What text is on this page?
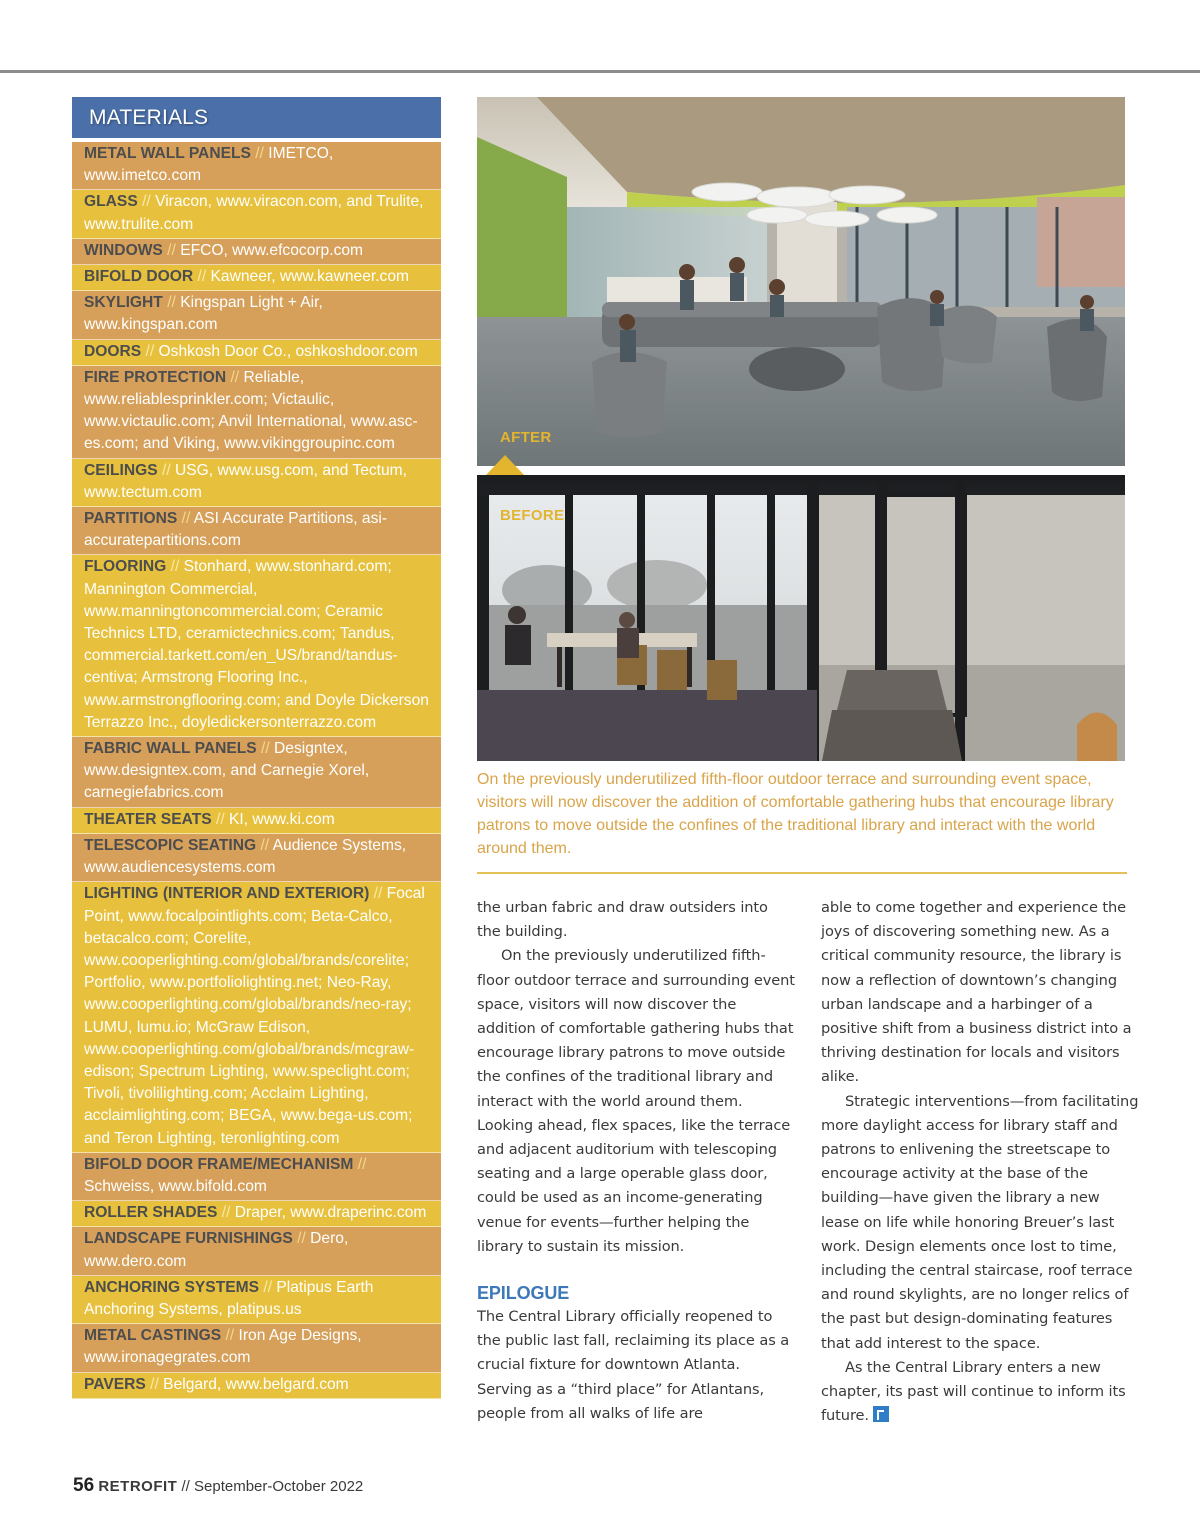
MATERIALS
METAL WALL PANELS // IMETCO, www.imetco.com
GLASS // Viracon, www.viracon.com, and Trulite, www.trulite.com
WINDOWS // EFCO, www.efcocorp.com
BIFOLD DOOR // Kawneer, www.kawneer.com
SKYLIGHT // Kingspan Light + Air, www.kingspan.com
DOORS // Oshkosh Door Co., oshkoshdoor.com
FIRE PROTECTION // Reliable, www.reliablesprinkler.com; Victaulic, www.victaulic.com; Anvil International, www.asc-es.com; and Viking, www.vikinggroupinc.com
CEILINGS // USG, www.usg.com, and Tectum, www.tectum.com
PARTITIONS // ASI Accurate Partitions, asi-accuratepartitions.com
FLOORING // Stonhard, www.stonhard.com; Mannington Commercial, www.manningtoncommercial.com; Ceramic Technics LTD, ceramictechnics.com; Tandus, commercial.tarkett.com/en_US/brand/tandus-centiva; Armstrong Flooring Inc., www.armstrongflooring.com; and Doyle Dickerson Terrazzo Inc., doyledickersonterrazzo.com
FABRIC WALL PANELS // Designtex, www.designtex.com, and Carnegie Xorel, carnegiefabrics.com
THEATER SEATS // KI, www.ki.com
TELESCOPIC SEATING // Audience Systems, www.audiencesystems.com
LIGHTING (INTERIOR AND EXTERIOR) // Focal Point, www.focalpointlights.com; Beta-Calco, betacalco.com; Corelite, www.cooperlighting.com/global/brands/corelite; Portfolio, www.portfoliolighting.net; Neo-Ray, www.cooperlighting.com/global/brands/neo-ray; LUMU, lumu.io; McGraw Edison, www.cooperlighting.com/global/brands/mcgraw-edison; Spectrum Lighting, www.speclight.com; Tivoli, tivolilighting.com; Acclaim Lighting, acclaimlighting.com; BEGA, www.bega-us.com; and Teron Lighting, teronlighting.com
BIFOLD DOOR FRAME/MECHANISM // Schweiss, www.bifold.com
ROLLER SHADES // Draper, www.draperinc.com
LANDSCAPE FURNISHINGS // Dero, www.dero.com
ANCHORING SYSTEMS // Platipus Earth Anchoring Systems, platipus.us
METAL CASTINGS // Iron Age Designs, www.ironagegrates.com
PAVERS // Belgard, www.belgard.com
AFTER
BEFORE
On the previously underutilized fifth-floor outdoor terrace and surrounding event space, visitors will now discover the addition of comfortable gathering hubs that encourage library patrons to move outside the confines of the traditional library and interact with the world around them.

the urban fabric and draw outsiders into the building.

On the previously underutilized fifth-floor outdoor terrace and surrounding event space, visitors will now discover the addition of comfortable gathering hubs that encourage library patrons to move outside the confines of the traditional library and interact with the world around them. Looking ahead, flex spaces, like the terrace and adjacent auditorium with telescoping seating and a large operable glass door, could be used as an income-generating venue for events—further helping the library to sustain its mission.

EPILOGUE

The Central Library officially reopened to the public last fall, reclaiming its place as a crucial fixture for downtown Atlanta. Serving as a “third place” for Atlantans, people from all walks of life are

able to come together and experience the joys of discovering something new. As a critical community resource, the library is now a reflection of downtown’s changing urban landscape and a harbinger of a positive shift from a business district into a thriving destination for locals and visitors alike.

Strategic interventions—from facilitating more daylight access for library staff and patrons to enlivening the streetscape to encourage activity at the base of the building—have given the library a new lease on life while honoring Breuer’s last work. Design elements once lost to time, including the central staircase, roof terrace and round skylights, are no longer relics of the past but design-dominating features that add interest to the space.

As the Central Library enters a new chapter, its past will continue to inform its future.

56 RETROFIT // September-October 2022
